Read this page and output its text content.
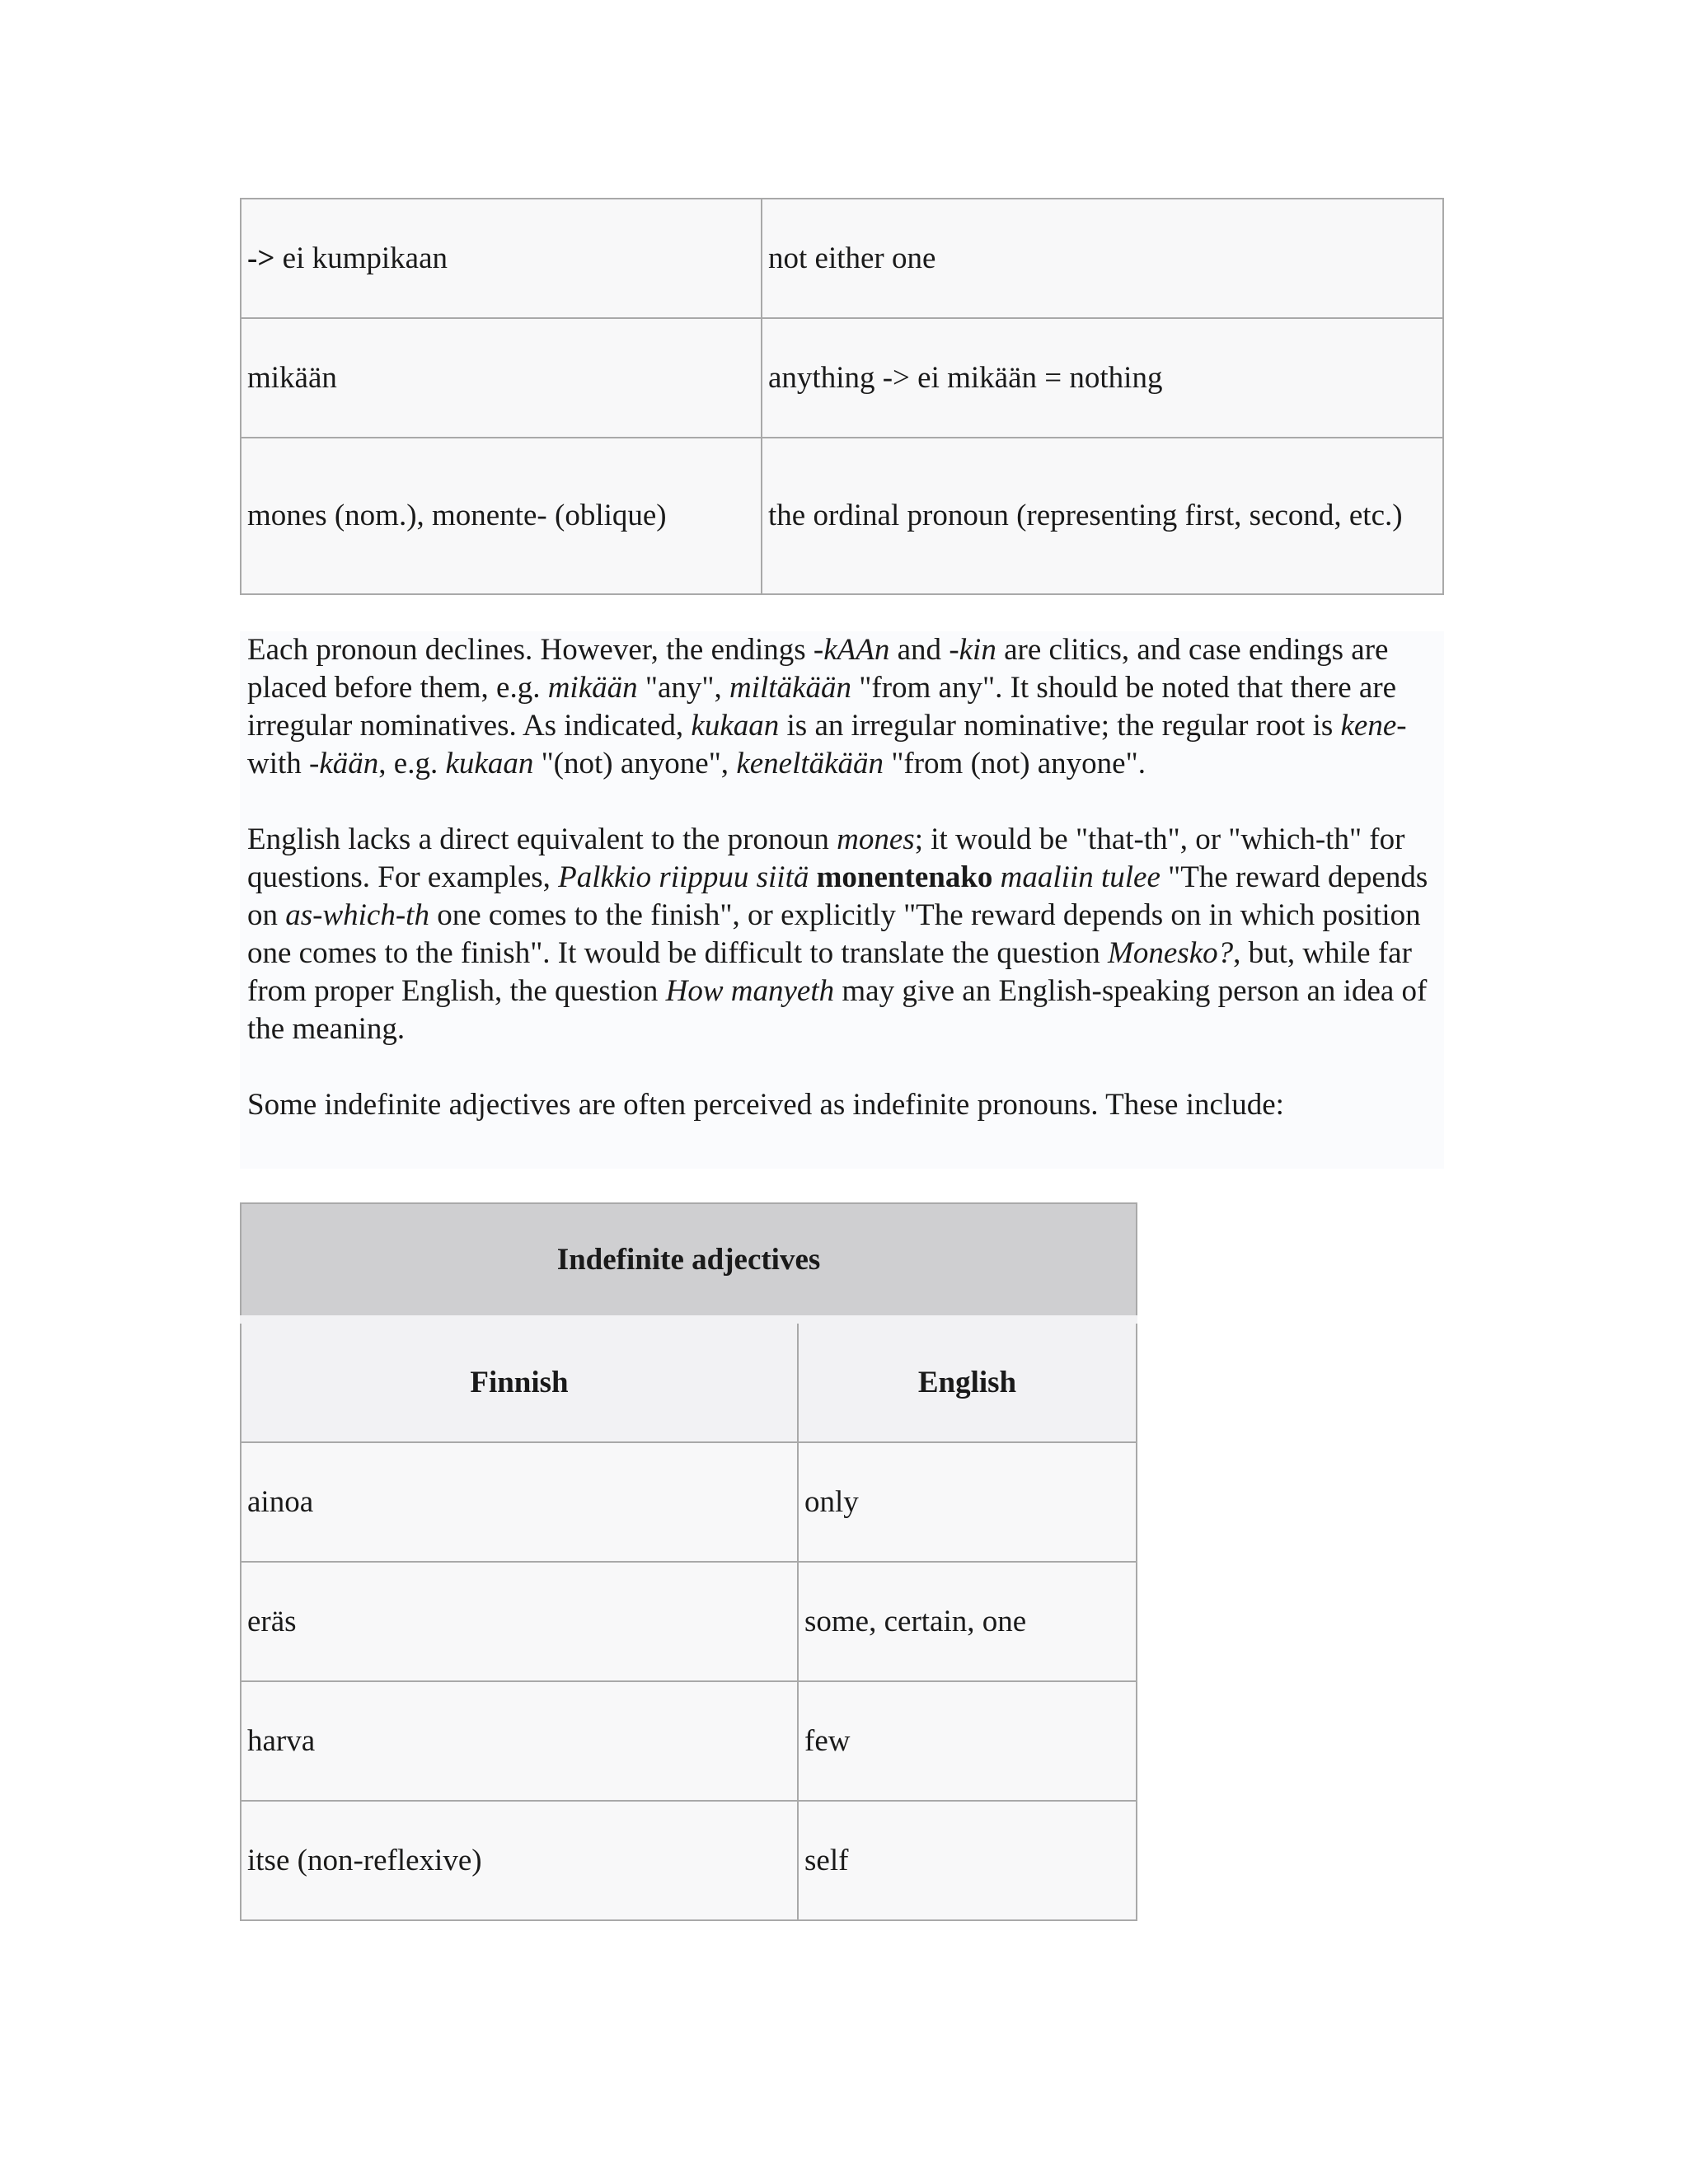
-> ei kumpikaan	not either one
mikään	anything -> ei mikään = nothing
mones (nom.), monente- (oblique)	the ordinal pronoun (representing first, second, etc.)

Each pronoun declines. However, the endings -kAAn and -kin are clitics, and case endings are placed before them, e.g. mikään "any", miltäkään "from any". It should be noted that there are irregular nominatives. As indicated, kukaan is an irregular nominative; the regular root is kene- with -kään, e.g. kukaan "(not) anyone", keneltäkään "from (not) anyone".

English lacks a direct equivalent to the pronoun mones; it would be "that-th", or "which-th" for questions. For examples, Palkkio riippuu siitä monentenako maaliin tulee "The reward depends on as-which-th one comes to the finish", or explicitly "The reward depends on in which position one comes to the finish". It would be difficult to translate the question Monesko?, but, while far from proper English, the question How manyeth may give an English-speaking person an idea of the meaning.

Some indefinite adjectives are often perceived as indefinite pronouns. These include:

Indefinite adjectives	
Finnish	English
ainoa	only
eräs	some, certain, one
harva	few
itse (non-reflexive)	self
